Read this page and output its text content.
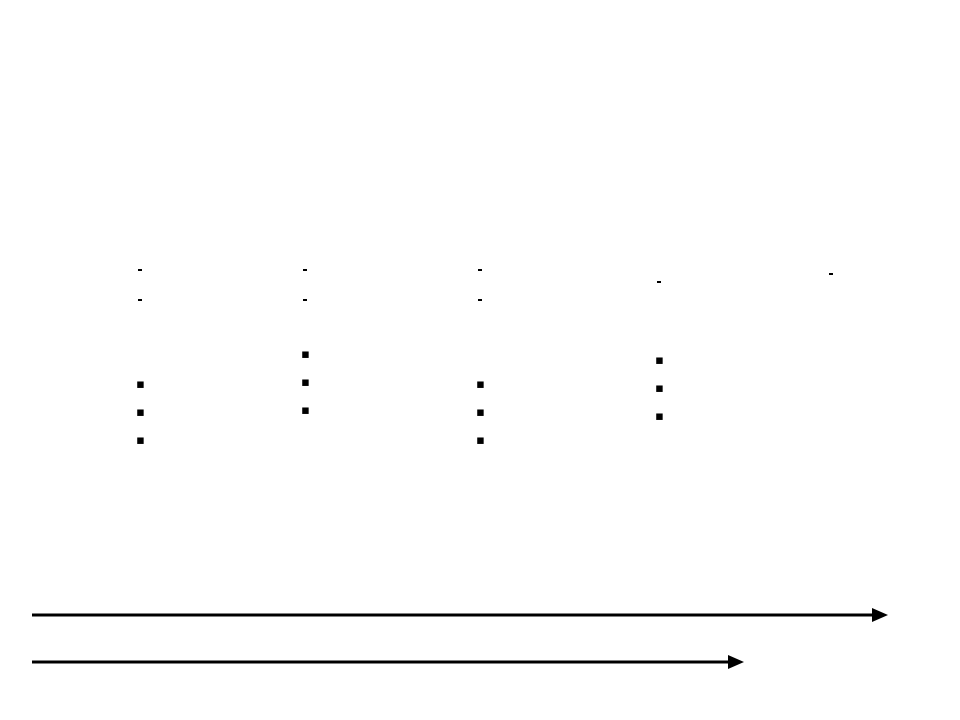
▪
▪
▪
▪
▪
▪
▪
▪
▪
▪
▪
▪
